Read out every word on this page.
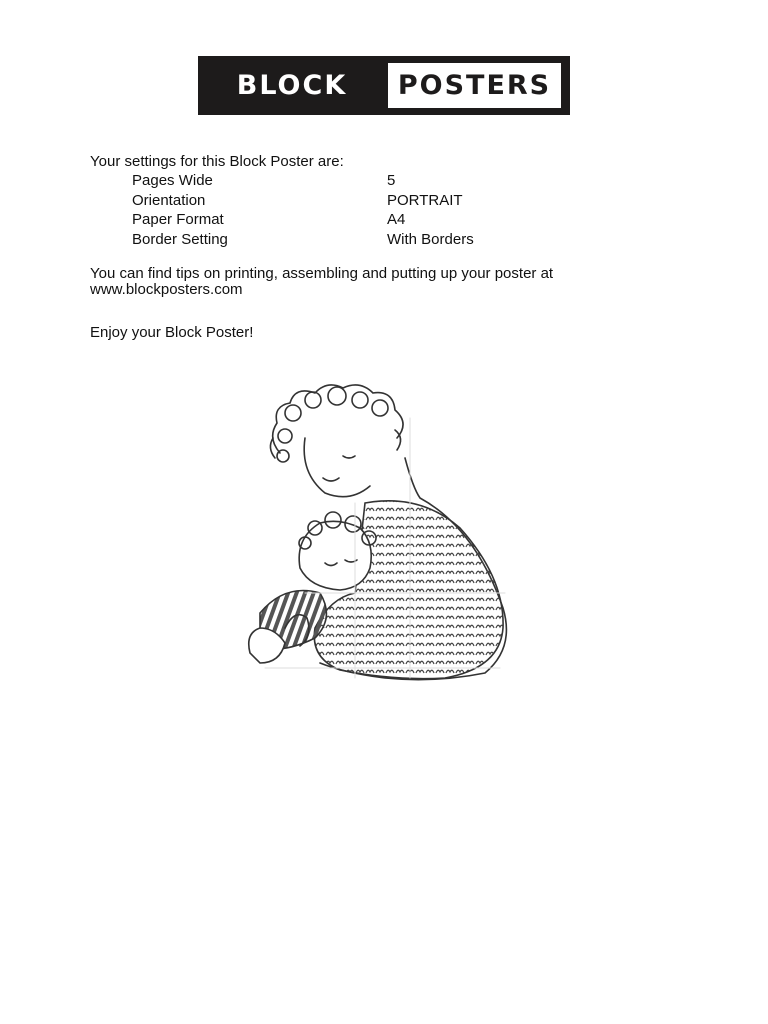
BLOCK	POSTERS
Your settings for this Block Poster are:
Pages Wide	5
Orientation	PORTRAIT
Paper Format	A4
Border Setting	With Borders
You can find tips on printing, assembling and putting up your poster at
www.blockposters.com
Enjoy your Block Poster!
